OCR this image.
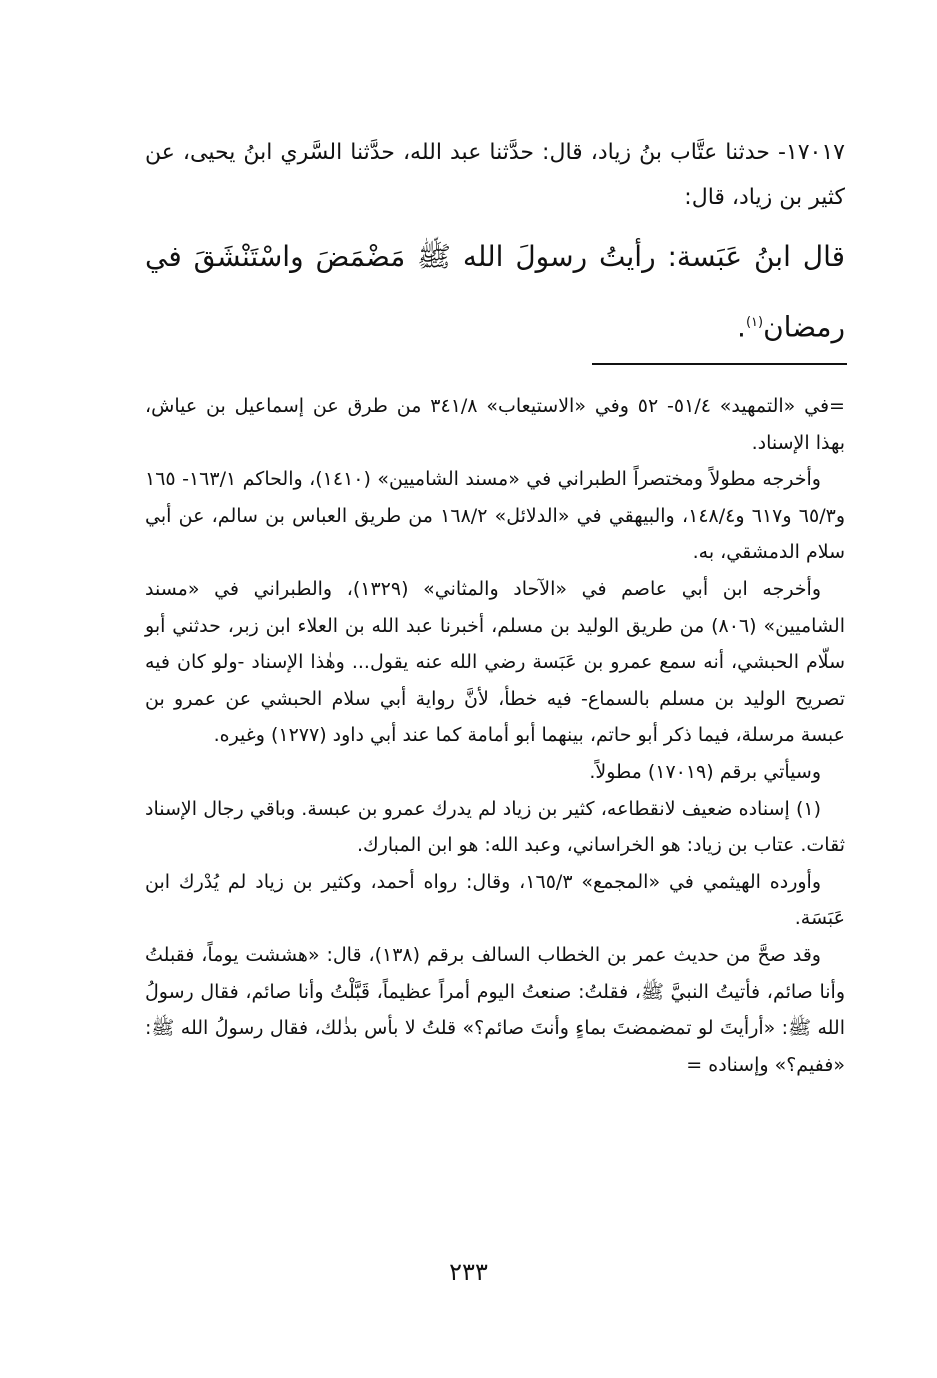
١٧٠١٧- حدثنا عتَّاب بنُ زياد، قال: حدَّثنا عبد الله، حدَّثنا السَّري ابنُ يحيى، عن كثير بن زياد، قال:

قال ابنُ عَبَسة: رأيتُ رسولَ الله ﷺ مَضْمَضَ واسْتَنْشَقَ في رمضان$^{(١)}$.

=في «التمهيد» ٥١/٤- ٥٢ وفي «الاستيعاب» ٣٤١/٨ من طرق عن إسماعيل بن عياش، بهذا الإسناد.

وأخرجه مطولاً ومختصراً الطبراني في «مسند الشاميين» (١٤١٠)، والحاكم ١٦٣/١- ١٦٥ و٦٥/٣ و٦١٧ و١٤٨/٤، والبيهقي في «الدلائل» ١٦٨/٢ من طريق العباس بن سالم، عن أبي سلام الدمشقي، به.

وأخرجه ابن أبي عاصم في «الآحاد والمثاني» (١٣٢٩)، والطبراني في «مسند الشاميين» (٨٠٦) من طريق الوليد بن مسلم، أخبرنا عبد الله بن العلاء ابن زبر، حدثني أبو سلّام الحبشي، أنه سمع عمرو بن عَبَسة رضي الله عنه يقول... وهٰذا الإسناد -ولو كان فيه تصريح الوليد بن مسلم بالسماع- فيه خطأ، لأنَّ رواية أبي سلام الحبشي عن عمرو بن عبسة مرسلة، فيما ذكر أبو حاتم، بينهما أبو أمامة كما عند أبي داود (١٢٧٧) وغيره.

وسيأتي برقم (١٧٠١٩) مطولاً.

(١) إسناده ضعيف لانقطاعه، كثير بن زياد لم يدرك عمرو بن عبسة. وباقي رجال الإسناد ثقات. عتاب بن زياد: هو الخراساني، وعبد الله: هو ابن المبارك.

وأورده الهيثمي في «المجمع» ١٦٥/٣، وقال: رواه أحمد، وكثير بن زياد لم يُدْرك ابن عَبَسَة.

وقد صحَّ من حديث عمر بن الخطاب السالف برقم (١٣٨)، قال: «هششت يوماً، فقبلتُ وأنا صائم، فأتيتُ النبيَّ ﷺ، فقلتُ: صنعتُ اليوم أمراً عظيماً، قَبَّلْتُ وأنا صائم، فقال رسولُ الله ﷺ: «أرأيتَ لو تمضمضتَ بماءٍ وأنتَ صائم؟» قلتُ لا بأس بذٰلك، فقال رسولُ الله ﷺ: «ففيم؟» وإسناده =

٢٣٣
